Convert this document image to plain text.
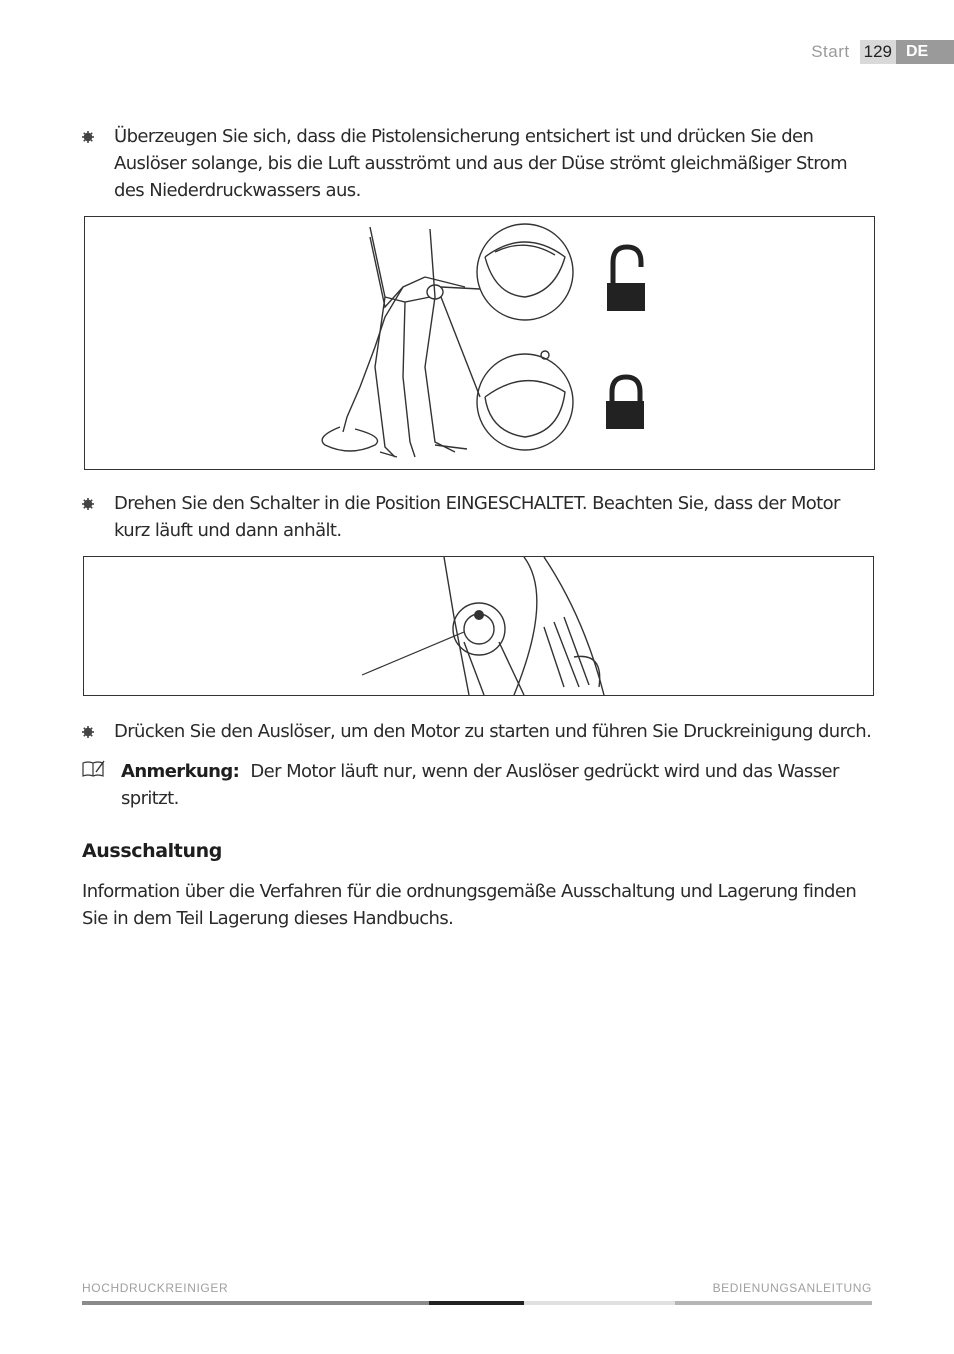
Start 129 DE
Überzeugen Sie sich, dass die Pistolensicherung entsichert ist und drücken Sie den Auslöser solange, bis die Luft ausströmt und aus der Düse strömt gleichmäßiger Strom des Niederdruckwassers aus.
Drehen Sie den Schalter in die Position EINGESCHALTET. Beachten Sie, dass der Motor kurz läuft und dann anhält.
Drücken Sie den Auslöser, um den Motor zu starten und führen Sie Druckreinigung durch.
Anmerkung: Der Motor läuft nur, wenn der Auslöser gedrückt wird und das Wasser spritzt.
Ausschaltung
Information über die Verfahren für die ordnungsgemäße Ausschaltung und Lagerung finden Sie in dem Teil Lagerung dieses Handbuchs.
HOCHDRUCKREINIGER	BEDIENUNGSANLEITUNG
